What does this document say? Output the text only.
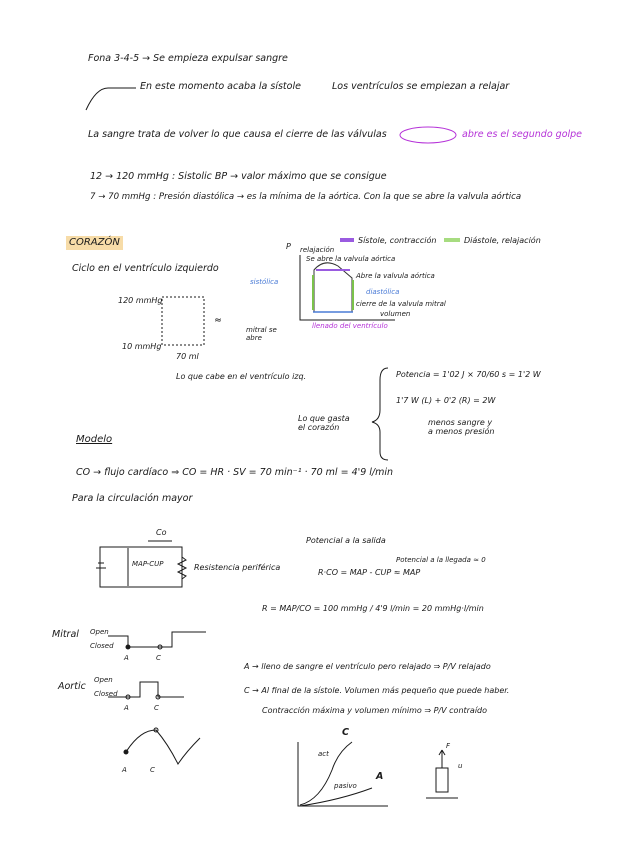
Fona 3-4-5 → Se empieza expulsar sangre
En este momento acaba la sístole	Los ventrículos se empiezan a relajar
La sangre trata de volver lo que causa el cierre de las válvulas	abre es el segundo golpe
12 → 120 mmHg : Sistolic BP → valor máximo que se consigue
7 → 70 mmHg : Presión diastólica → es la mínima de la aórtica. Con la que se abre la valvula aórtica
CORAZÓN
Ciclo en el ventrículo izquierdo
120 mmHg
10 mmHg
70 ml
Lo que cabe en el ventrículo izq.
≈
Sístole, contracción	Diástole, relajación
P relajación
Se abre la valvula aórtica
Abre la valvula aórtica
sistólica
diastólica
cierre de la valvula mitral
volumen
llenado del ventrículo
mitral se abre
Lo que gasta el corazón
Potencia = 1'02 J × 70/60 s = 1'2 W
1'7 W (L) + 0'2 (R) = 2W
menos sangre y a menos presión
Modelo
CO → flujo cardíaco ⇒ CO = HR · SV = 70 min⁻¹ · 70 ml = 4'9 l/min
Para la circulación mayor
Co
MAP-CUP	Resistencia periférica
Potencial a la salida
Potencial a la llegada ≈ 0
R·CO = MAP - CUP ≈ MAP
R = MAP/CO = 100 mmHg / 4'9 l/min = 20 mmHg·l/min
Mitral Open
Closed
A	C
Aortic
Open
Closed
A	C
A	C
A → lleno de sangre el ventrículo pero relajado ⇒ P/V relajado
C → Al final de la sístole. Volumen más pequeño que puede haber.
Contracción máxima y volumen mínimo ⇒ P/V contraído
act
C
pasivo
A
F
u
